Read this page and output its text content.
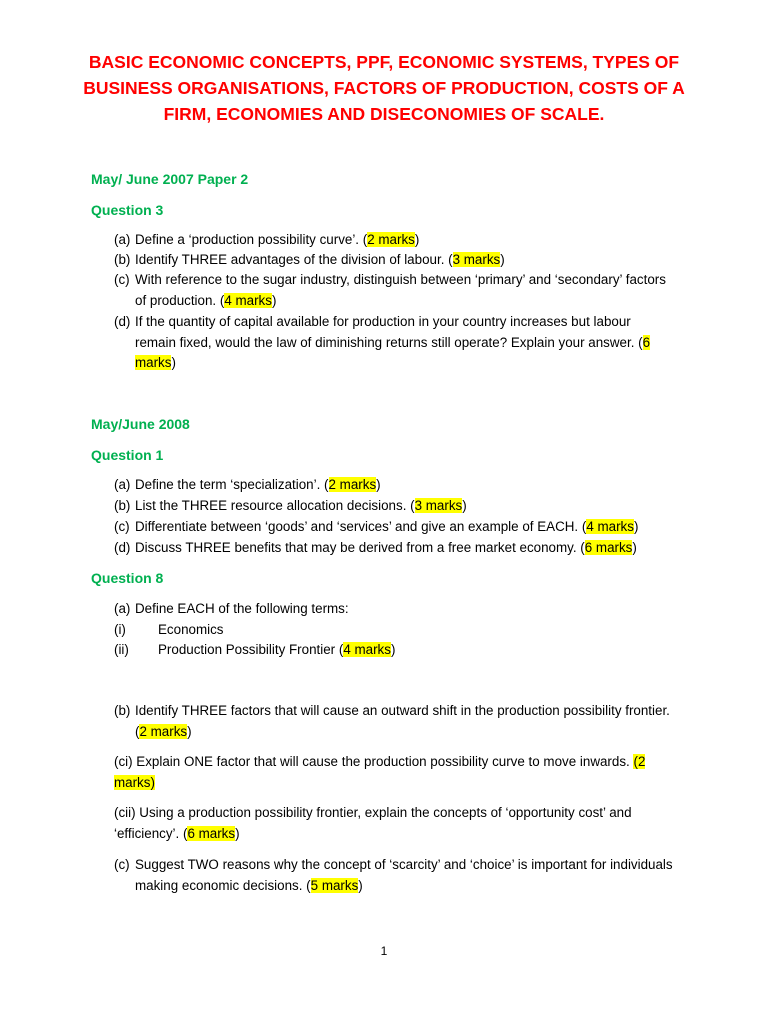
BASIC ECONOMIC CONCEPTS, PPF, ECONOMIC SYSTEMS, TYPES OF BUSINESS ORGANISATIONS, FACTORS OF PRODUCTION, COSTS OF A FIRM, ECONOMIES AND DISECONOMIES OF SCALE.

May/ June 2007 Paper 2

Question 3

(a) Define a ‘production possibility curve’. (2 marks)

(b) Identify THREE advantages of the division of labour. (3 marks)

(c) With reference to the sugar industry, distinguish between ‘primary’ and ‘secondary’ factors of production. (4 marks)

(d) If the quantity of capital available for production in your country increases but labour remain fixed, would the law of diminishing returns still operate? Explain your answer. (6 marks)

May/June 2008

Question 1

(a) Define the term ‘specialization’. (2 marks)

(b) List the THREE resource allocation decisions. (3 marks)

(c) Differentiate between ‘goods’ and ‘services’ and give an example of EACH. (4 marks)

(d) Discuss THREE benefits that may be derived from a free market economy. (6 marks)

Question 8

(a) Define EACH of the following terms:

(i)	Economics

(ii)	Production Possibility Frontier (4 marks)

(b) Identify THREE factors that will cause an outward shift in the production possibility frontier. (2 marks)

(ci) Explain ONE factor that will cause the production possibility curve to move inwards. (2 marks)

(cii) Using a production possibility frontier, explain the concepts of ‘opportunity cost’ and ‘efficiency’. (6 marks)

(c) Suggest TWO reasons why the concept of ‘scarcity’ and ‘choice’ is important for individuals making economic decisions. (5 marks)

1
